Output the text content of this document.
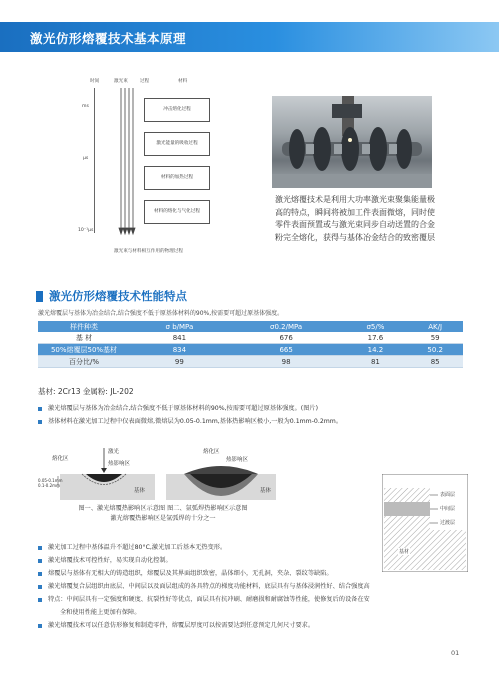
激光仿形熔覆技术基本原理
时间	激光束	过程	材料
ms
μs
10⁻¹μs
冲击熔化过程
激光能量的吸收过程
材料的加热过程
材料的熔化与气化过程
激光束与材料相互作用的物理过程
激光熔覆技术是利用大功率激光束聚集能量极高的特点，瞬间将被加工件表面微熔，同时使零件表面预置或与激光束同步自动送置的合金粉完全熔化，获得与基体冶金结合的致密覆层
激光仿形熔覆技术性能特点
激光熔覆层与基体为冶金结合,结合强度不低于原基体材料的90%,按需要可超过原基体强度。
样件种类	σ b/MPa	σ0.2/MPa	σ5/%	AK/J
基 材	841	676	17.6	59
50%熔覆层50%基材	834	665	14.2	50.2
百分比/%	99	98	81	85
基材: 2Cr13 金属粉: JL-202
激光熔覆层与基体为冶金结合,结合强度不低于原基体材料的90%,按需要可超过原基体强度。(图片)
基体材料在激光加工过程中仅表面微熔,微熔层为0.05-0.1mm,基体热影响区极小,一般为0.1mm-0.2mm。
激光
熔化区
热影响区
基体
0.05-0.1mm
0.1-0.2mm
熔化区
热影响区
基体
图一、激光熔覆热影响区示意图 图二、氩弧焊热影响区示意图
激光熔覆热影响区是氩弧焊的十分之一
表面层
中间层
过渡层
基材
激光加工过程中基体温升不超过80°C,激光加工后基本无热变形。
激光熔覆技术可控性好，易实现自动化控制。
熔覆层与基体有无相大的铸造组织，熔覆层及其界面组织致密，晶体细小，无孔洞，夹杂、裂纹等缺陷。
激光熔覆复合层组织由底层、中间层以及面层组成的各具特点的梯度功能材料，底层具有与基体浸润性好、结合强度高
特点：中间层具有一定强度和硬度、抗裂性好等优点，面层具有抗冲刷、耐磨损和耐腐蚀等性能，使修复后的设备在安
全和使用性能上更加有保障。
激光熔覆技术可以任意仿形修复和制造零件，熔覆层厚度可以按需要达到任意预定几何尺寸要求。
01
